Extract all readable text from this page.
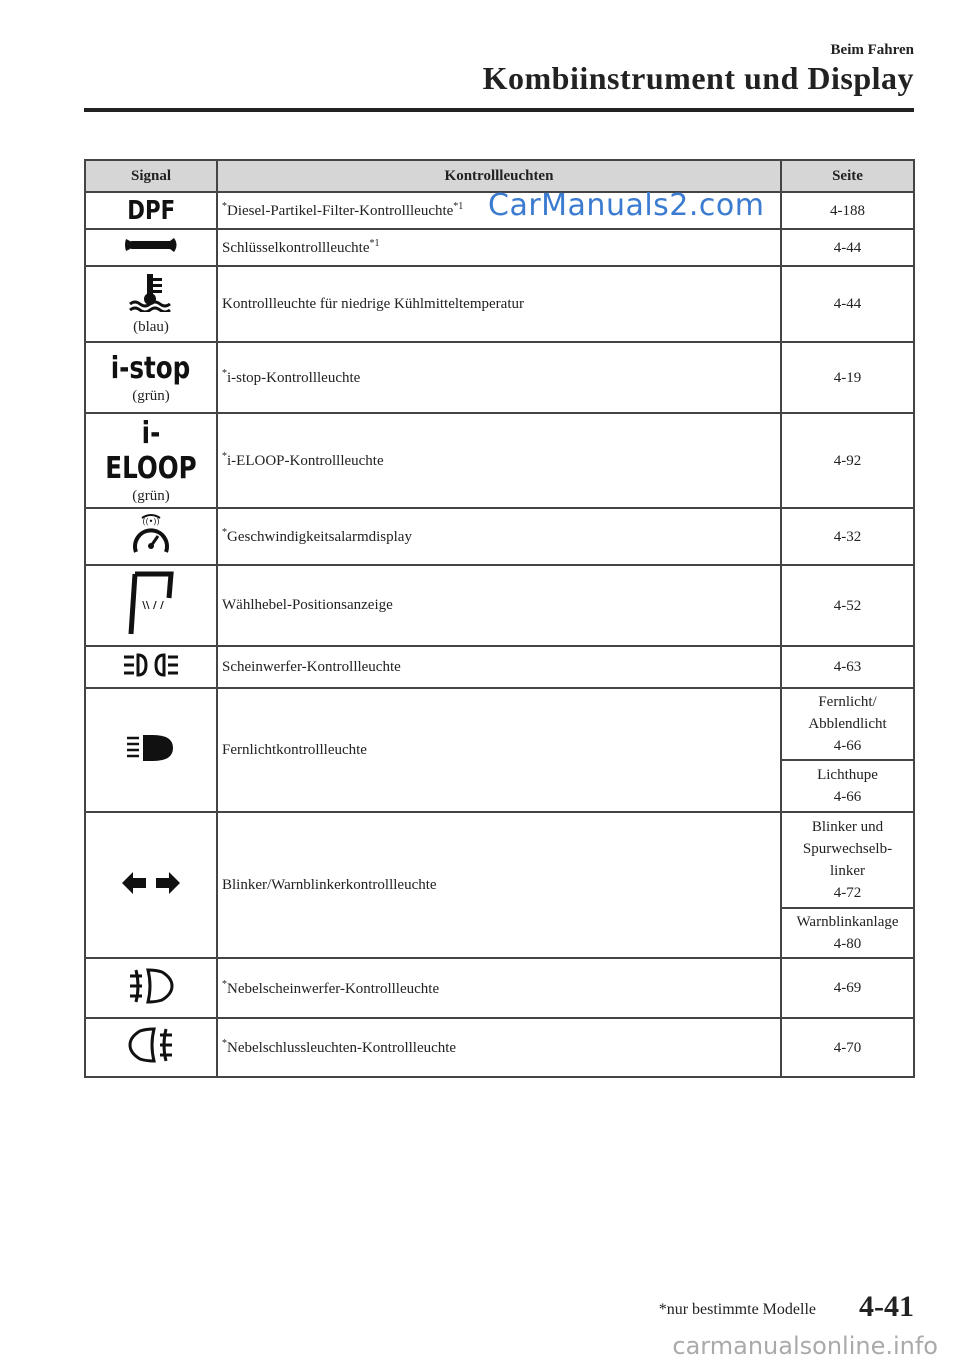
Beim Fahren
Kombiinstrument und Display
Signal	Kontrollleuchten	Seite
DPF	*Diesel-Partikel-Filter-Kontrollleuchte$^{*1}$	4-188
	Schlüsselkontrollleuchte$^{*1}$	4-44

(blau)	Kontrollleuchte für niedrige Kühlmitteltemperatur	4-44
i-stop
(grün)	*i-stop-Kontrollleuchte	4-19
i-ELOOP
(grün)	*i-ELOOP-Kontrollleuchte	4-92

((•))	*Geschwindigkeitsalarmdisplay	4-32

\\ / /	Wählhebel-Positionsanzeige	4-52
	Scheinwerfer-Kontrollleuchte	4-63
	Fernlichtkontrollleuchte	Fernlicht/
Abblendlicht
4-66
		Lichthupe
4-66
	Blinker/Warnblinkerkontrollleuchte	Blinker und
Spurwechselb-
linker
4-72
		Warnblinkanlage
4-80
	*Nebelscheinwerfer-Kontrollleuchte	4-69
	*Nebelschlussleuchten-Kontrollleuchte	4-70
CarManuals2.com
*nur bestimmte Modelle 4-41
carmanualsonline.info
